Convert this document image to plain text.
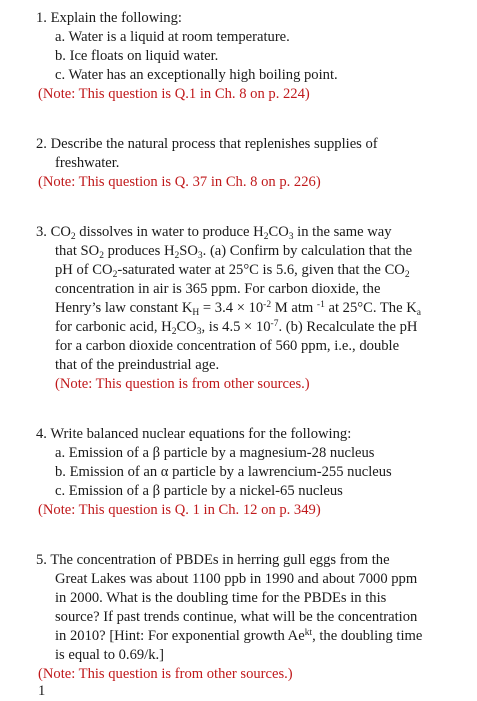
1. Explain the following:
a. Water is a liquid at room temperature.
b. Ice floats on liquid water.
c. Water has an exceptionally high boiling point.
(Note: This question is Q.1 in Ch. 8 on p. 224)
2. Describe the natural process that replenishes supplies of
freshwater.
(Note: This question is Q. 37 in Ch. 8 on p. 226)
3. $CO_2$ dissolves in water to produce $H_2CO_3$ in the same way
that $SO_2$ produces $H_2SO_3$. (a) Confirm by calculation that the
pH of $CO_2$-saturated water at 25°C is 5.6, given that the $CO_2$
concentration in air is 365 ppm. For carbon dioxide, the
Henry’s law constant $K_H = 3.4 \times 10^{-2}$ M atm $^{-1}$ at 25°C. The $K_a$
for carbonic acid, $H_2CO_3$, is $4.5 \times 10^{-7}$. (b) Recalculate the pH
for a carbon dioxide concentration of 560 ppm, i.e., double
that of the preindustrial age.
(Note: This question is from other sources.)
4. Write balanced nuclear equations for the following:
a. Emission of a β particle by a magnesium-28 nucleus
b. Emission of an α particle by a lawrencium-255 nucleus
c. Emission of a β particle by a nickel-65 nucleus
(Note: This question is Q. 1 in Ch. 12 on p. 349)
5. The concentration of PBDEs in herring gull eggs from the
Great Lakes was about 1100 ppb in 1990 and about 7000 ppm
in 2000. What is the doubling time for the PBDEs in this
source? If past trends continue, what will be the concentration
in 2010? [Hint: For exponential growth $Ae^{kt}$, the doubling time
is equal to 0.69/k.]
(Note: This question is from other sources.)
1
